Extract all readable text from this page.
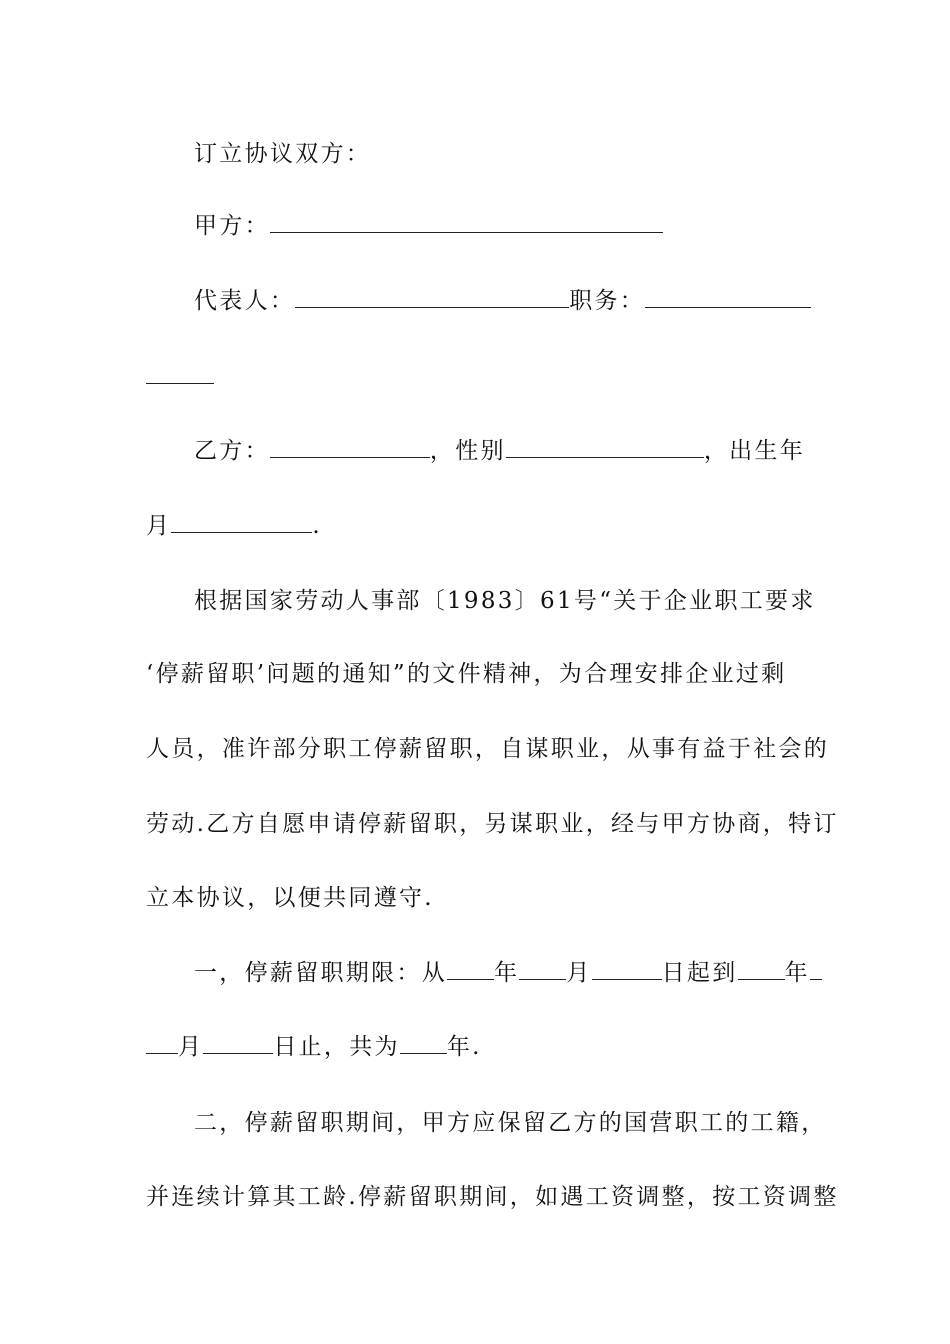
订立协议双方：
甲方：
代表人：	职务：
乙方：	，性别	，出生年
月	.
根据国家劳动人事部〔1983〕61号“关于企业职工要求
‘停薪留职’问题的通知”的文件精神，为合理安排企业过剩
人员，准许部分职工停薪留职，自谋职业，从事有益于社会的
劳动.乙方自愿申请停薪留职，另谋职业，经与甲方协商，特订
立本协议，以便共同遵守.
一，停薪留职期限：从 年 月	日起到 年
月	日止，共为 年.
二，停薪留职期间，甲方应保留乙方的国营职工的工籍，
并连续计算其工龄.停薪留职期间，如遇工资调整，按工资调整
